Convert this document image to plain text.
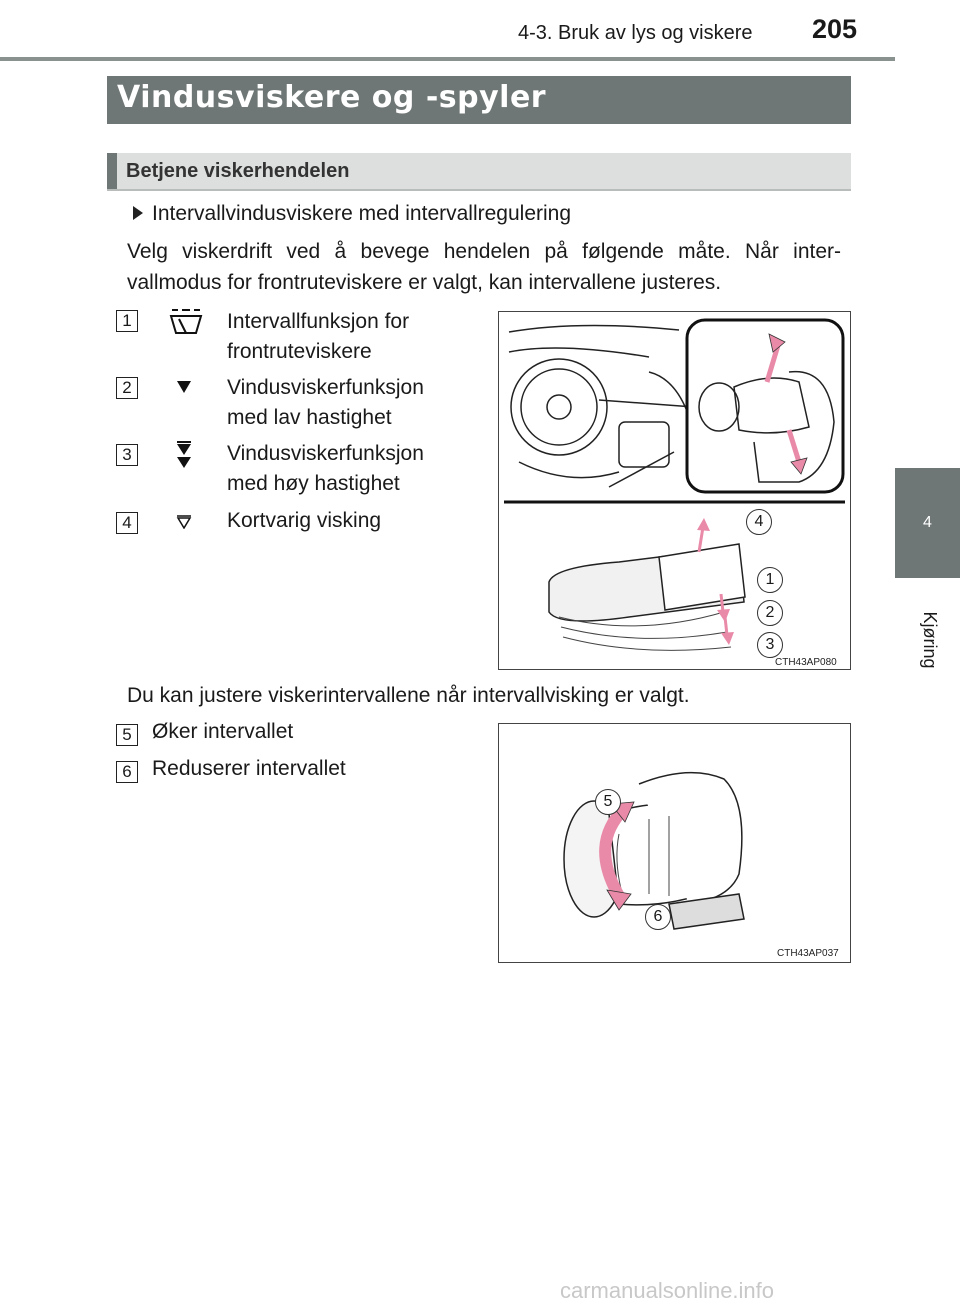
4-3. Bruk av lys og viskere 205
4
Kjøring
Vindusviskere og -spyler
Betjene viskerhendelen
Intervallvindusviskere med intervallregulering
Velg viskerdrift ved å bevege hendelen på følgende måte. Når inter-
vallmodus for frontruteviskere er valgt, kan intervallene justeres.
1	Intervallfunksjon for
frontruteviskere
2	Vindusviskerfunksjon
med lav hastighet
3	Vindusviskerfunksjon
med høy hastighet
4	Kortvarig visking	4
1
2
3
CTH43AP080
Du kan justere viskerintervallene når intervallvisking er valgt.
5 Øker intervallet
6 Reduserer intervallet
5
6
CTH43AP037
carmanualsonline.info
